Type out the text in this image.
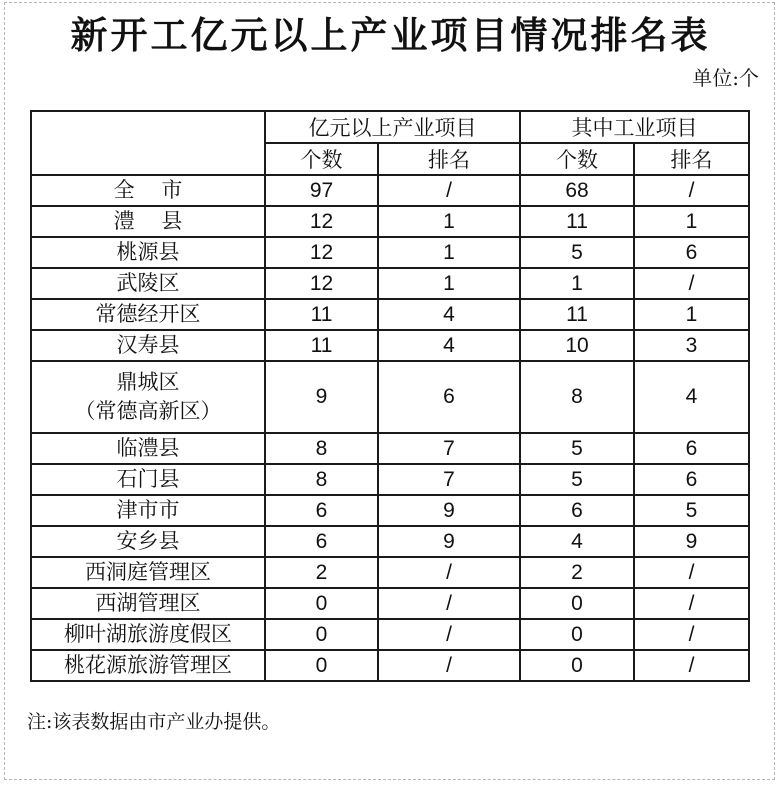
新开工亿元以上产业项目情况排名表
单位:个
	亿元以上产业项目		其中工业项目	
	个数	排名	个数	排名

全    市	97	/	68	/

澧    县	12	1	11	1

桃源县	12	1	5	6

武陵区	12	1	1	/

常德经开区	11	4	11	1

汉寿县	11	4	10	3

鼎城区
（常德高新区）	9	6	8	4

临澧县	8	7	5	6

石门县	8	7	5	6

津市市	6	9	6	5

安乡县	6	9	4	9

西洞庭管理区	2	/	2	/

西湖管理区	0	/	0	/

柳叶湖旅游度假区	0	/	0	/

桃花源旅游管理区	0	/	0	/
注:该表数据由市产业办提供。
